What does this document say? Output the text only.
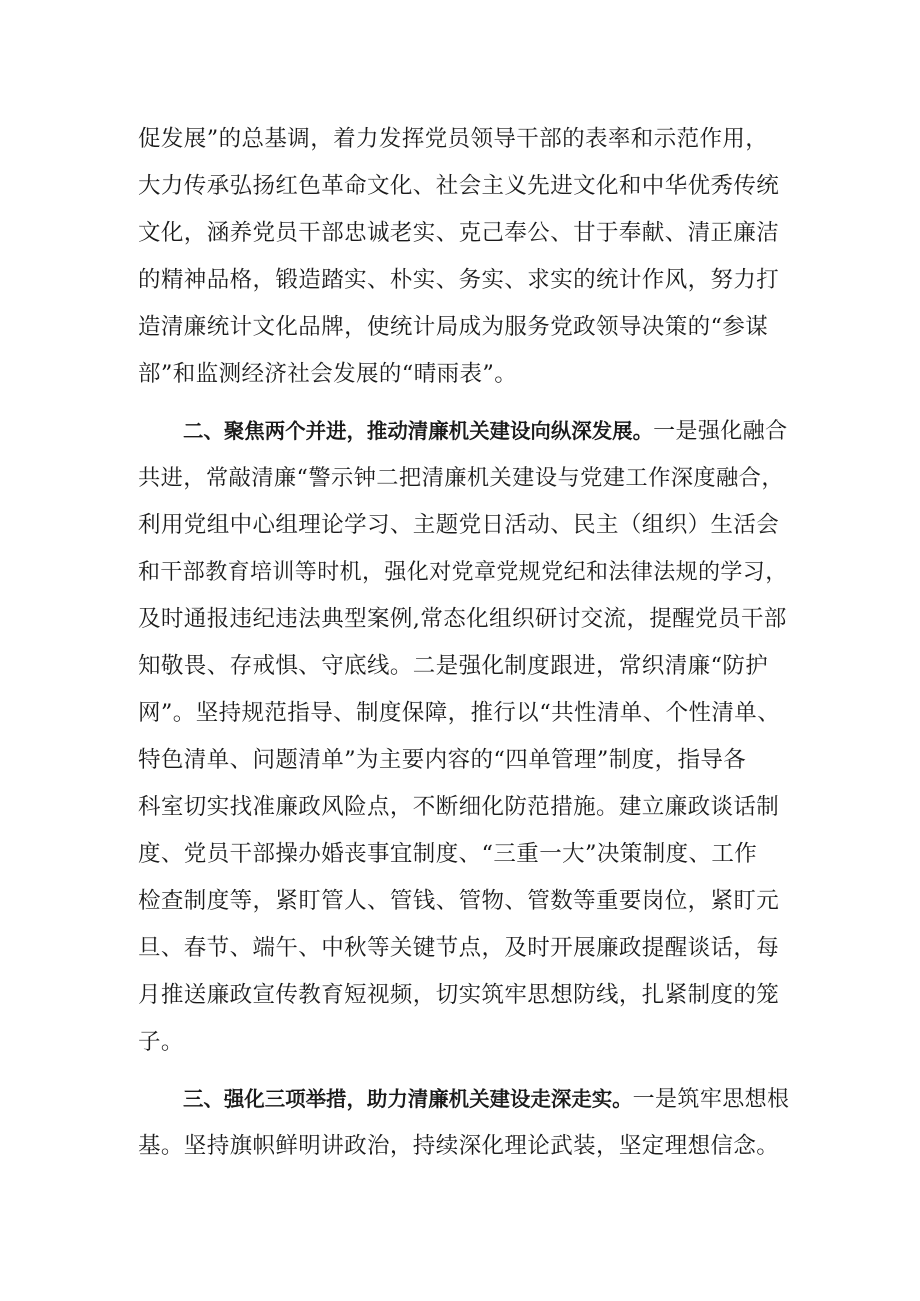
促发展”的总基调，着力发挥党员领导干部的表率和示范作用，
大力传承弘扬红色革命文化、社会主义先进文化和中华优秀传统
文化，涵养党员干部忠诚老实、克己奉公、甘于奉献、清正廉洁
的精神品格，锻造踏实、朴实、务实、求实的统计作风，努力打
造清廉统计文化品牌，使统计局成为服务党政领导决策的“参谋
部”和监测经济社会发展的“晴雨表”。
二、聚焦两个并进，推动清廉机关建设向纵深发展。一是强化融合
共进，常敲清廉“警示钟二把清廉机关建设与党建工作深度融合，
利用党组中心组理论学习、主题党日活动、民主（组织）生活会
和干部教育培训等时机，强化对党章党规党纪和法律法规的学习，
及时通报违纪违法典型案例,常态化组织研讨交流，提醒党员干部
知敬畏、存戒惧、守底线。二是强化制度跟进，常织清廉“防护
网”。坚持规范指导、制度保障，推行以“共性清单、个性清单、
特色清单、问题清单”为主要内容的“四单管理”制度，指导各
科室切实找准廉政风险点，不断细化防范措施。建立廉政谈话制
度、党员干部操办婚丧事宜制度、“三重一大”决策制度、工作
检查制度等，紧盯管人、管钱、管物、管数等重要岗位，紧盯元
旦、春节、端午、中秋等关键节点，及时开展廉政提醒谈话，每
月推送廉政宣传教育短视频，切实筑牢思想防线，扎紧制度的笼
子。
三、强化三项举措，助力清廉机关建设走深走实。一是筑牢思想根
基。坚持旗帜鲜明讲政治，持续深化理论武装，坚定理想信念。
